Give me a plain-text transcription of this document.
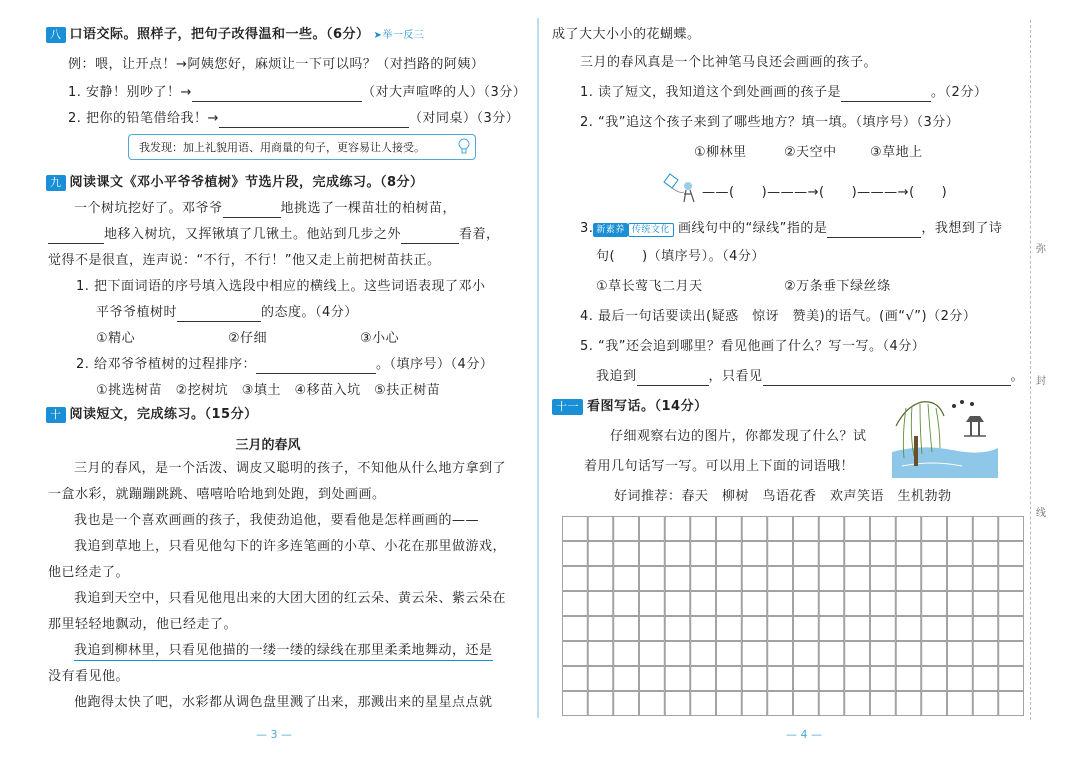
八 口语交际。照样子，把句子改得温和一些。（6分） ➤举一反三
例：喂，让开点！→阿姨您好，麻烦让一下可以吗？（对挡路的阿姨）
1. 安静！别吵了！→	（对大声喧哗的人）（3分）
2. 把你的铅笔借给我！→	（对同桌）（3分）
我发现：加上礼貌用语、用商量的句子，更容易让人接受。
九 阅读课文《邓小平爷爷植树》节选片段，完成练习。（8分）
一个树坑挖好了。邓爷爷	地挑选了一棵苗壮的柏树苗，
地移入树坑，又挥锹填了几锹土。他站到几步之外	看着，
觉得不是很直，连声说：“不行，不行！”他又走上前把树苗扶正。
1. 把下面词语的序号填入选段中相应的横线上。这些词语表现了邓小
平爷爷植树时	的态度。（4分）
①精心	②仔细	③小心
2. 给邓爷爷植树的过程排序：	。（填序号）（4分）
①挑选树苗　②挖树坑　③填土　④移苗入坑　⑤扶正树苗
十 阅读短文，完成练习。（15分）
三月的春风
三月的春风，是一个活泼、调皮又聪明的孩子，不知他从什么地方拿到了
一盒水彩，就蹦蹦跳跳、嘻嘻哈哈地到处跑，到处画画。
我也是一个喜欢画画的孩子，我使劲追他，要看他是怎样画画的——
我追到草地上，只看见他勾下的许多连笔画的小草、小花在那里做游戏，
他已经走了。
我追到天空中，只看见他甩出来的大团大团的红云朵、黄云朵、紫云朵在
那里轻轻地飘动，他已经走了。
我追到柳林里，只看见他描的一缕一缕的绿线在那里柔柔地舞动，还是
没有看见他。
他跑得太快了吧，水彩都从调色盘里溅了出来，那溅出来的星星点点就
— 3 —
成了大大小小的花蝴蝶。
三月的春风真是一个比神笔马良还会画画的孩子。
1. 读了短文，我知道这个到处画画的孩子是	。（2分）
2. “我”追这个孩子来到了哪些地方？填一填。（填序号）（3分）
①柳林里	②天空中	③草地上
——(　　)———→(　　)———→(　　)
3. 新素养 传统文化 画线句中的“绿线”指的是	，我想到了诗
句(　　)（填序号）。（4分）
①草长莺飞二月天	②万条垂下绿丝绦
4. 最后一句话要读出(疑惑　惊讶　赞美)的语气。(画“√”)（2分）
5. “我”还会追到哪里？看见他画了什么？写一写。（4分）
我追到	，只看见	。
十一 看图写话。（14分）
仔细观察右边的图片，你都发现了什么？试
着用几句话写一写。可以用上下面的词语哦！
好词推荐：春天　柳树　鸟语花香　欢声笑语　生机勃勃
— 4 —
弥
封
线
